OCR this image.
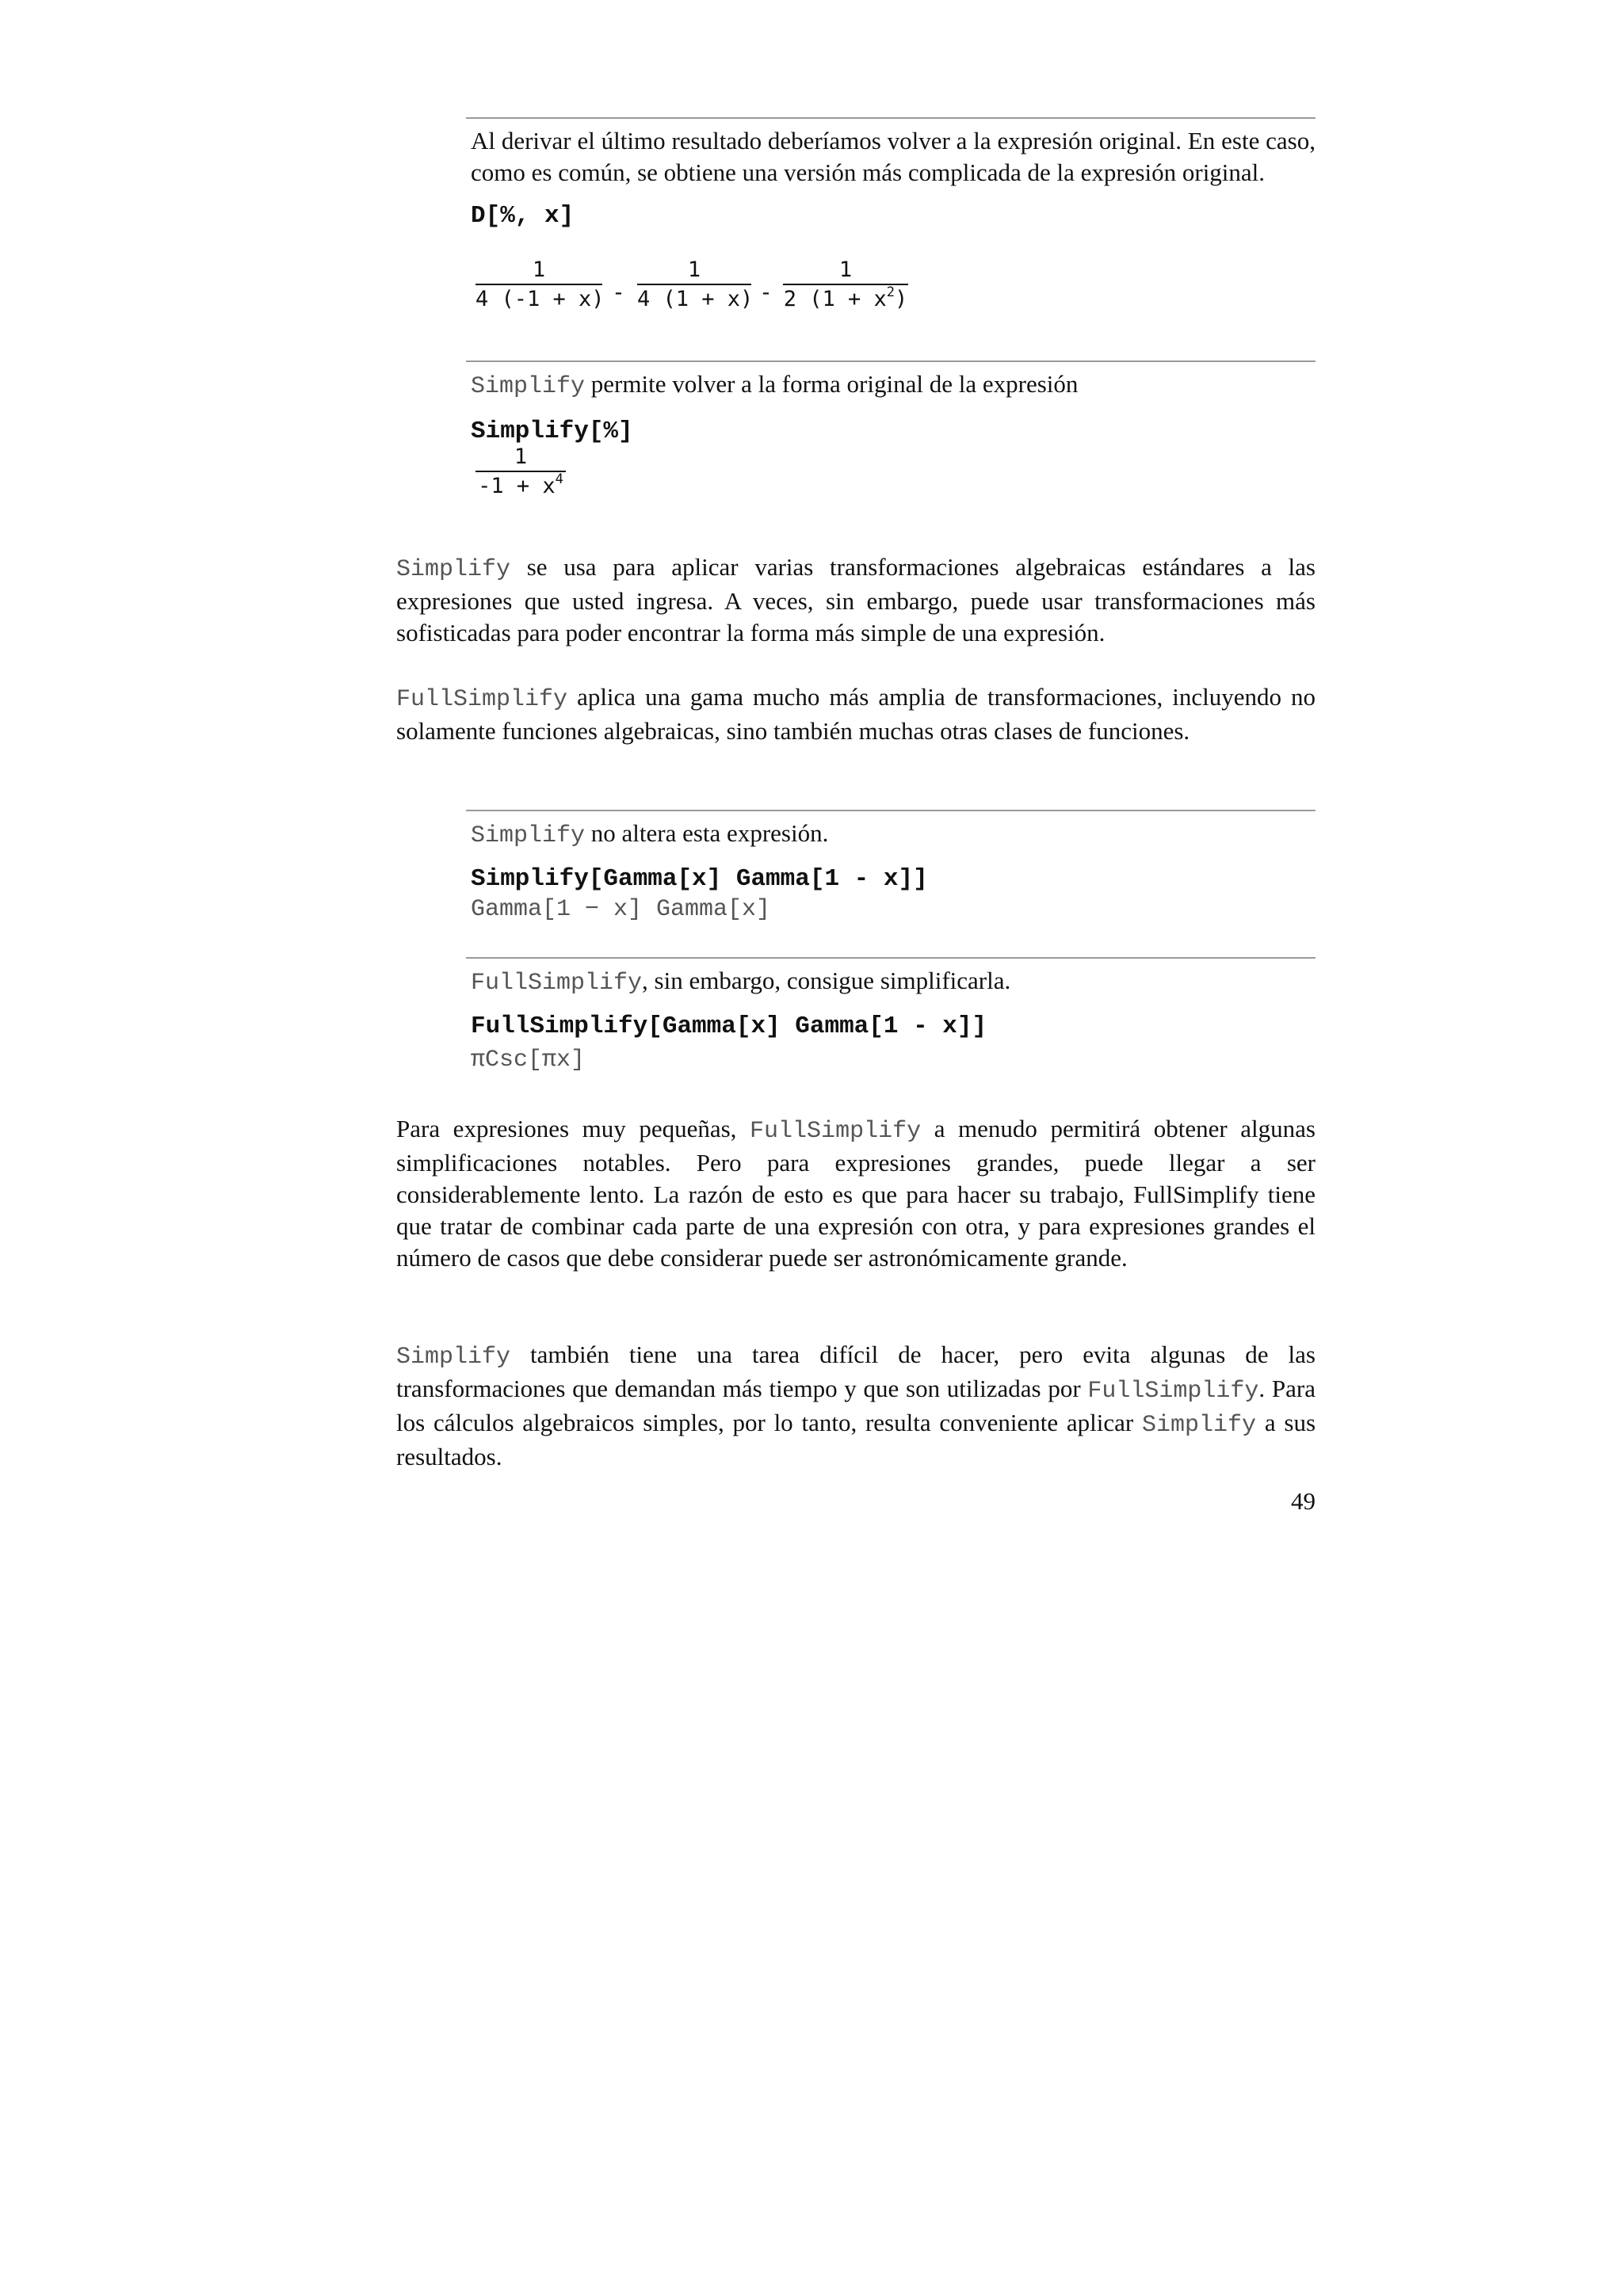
Al derivar el último resultado deberíamos volver a la expresión original. En este caso, como es común, se obtiene una versión más complicada de la expresión original.
D[%, x]
1
4 (-1 + x) -
1
4 (1 + x) -
1
2 $(1 + x^2)$
Simplify permite volver a la forma original de la expresión
Simplify[%]
1
$-1 + x^4$
Simplify se usa para aplicar varias transformaciones algebraicas estándares a las expresiones que usted ingresa. A veces, sin embargo, puede usar transformaciones más sofisticadas para poder encontrar la forma más simple de una expresión.
FullSimplify aplica una gama mucho más amplia de transformaciones, incluyendo no solamente funciones algebraicas, sino también muchas otras clases de funciones.
Simplify no altera esta expresión.
Simplify[Gamma[x] Gamma[1 - x]]
Gamma[1 − x] Gamma[x]
FullSimplify, sin embargo, consigue simplificarla.
FullSimplify[Gamma[x] Gamma[1 - x]]
πCsc[πx]
Para expresiones muy pequeñas, FullSimplify a menudo permitirá obtener algunas simplificaciones notables. Pero para expresiones grandes, puede llegar a ser considerablemente lento. La razón de esto es que para hacer su trabajo, FullSimplify tiene que tratar de combinar cada parte de una expresión con otra, y para expresiones grandes el número de casos que debe considerar puede ser astronómicamente grande.
Simplify también tiene una tarea difícil de hacer, pero evita algunas de las transformaciones que demandan más tiempo y que son utilizadas por FullSimplify. Para los cálculos algebraicos simples, por lo tanto, resulta conveniente aplicar Simplify a sus resultados.
49
